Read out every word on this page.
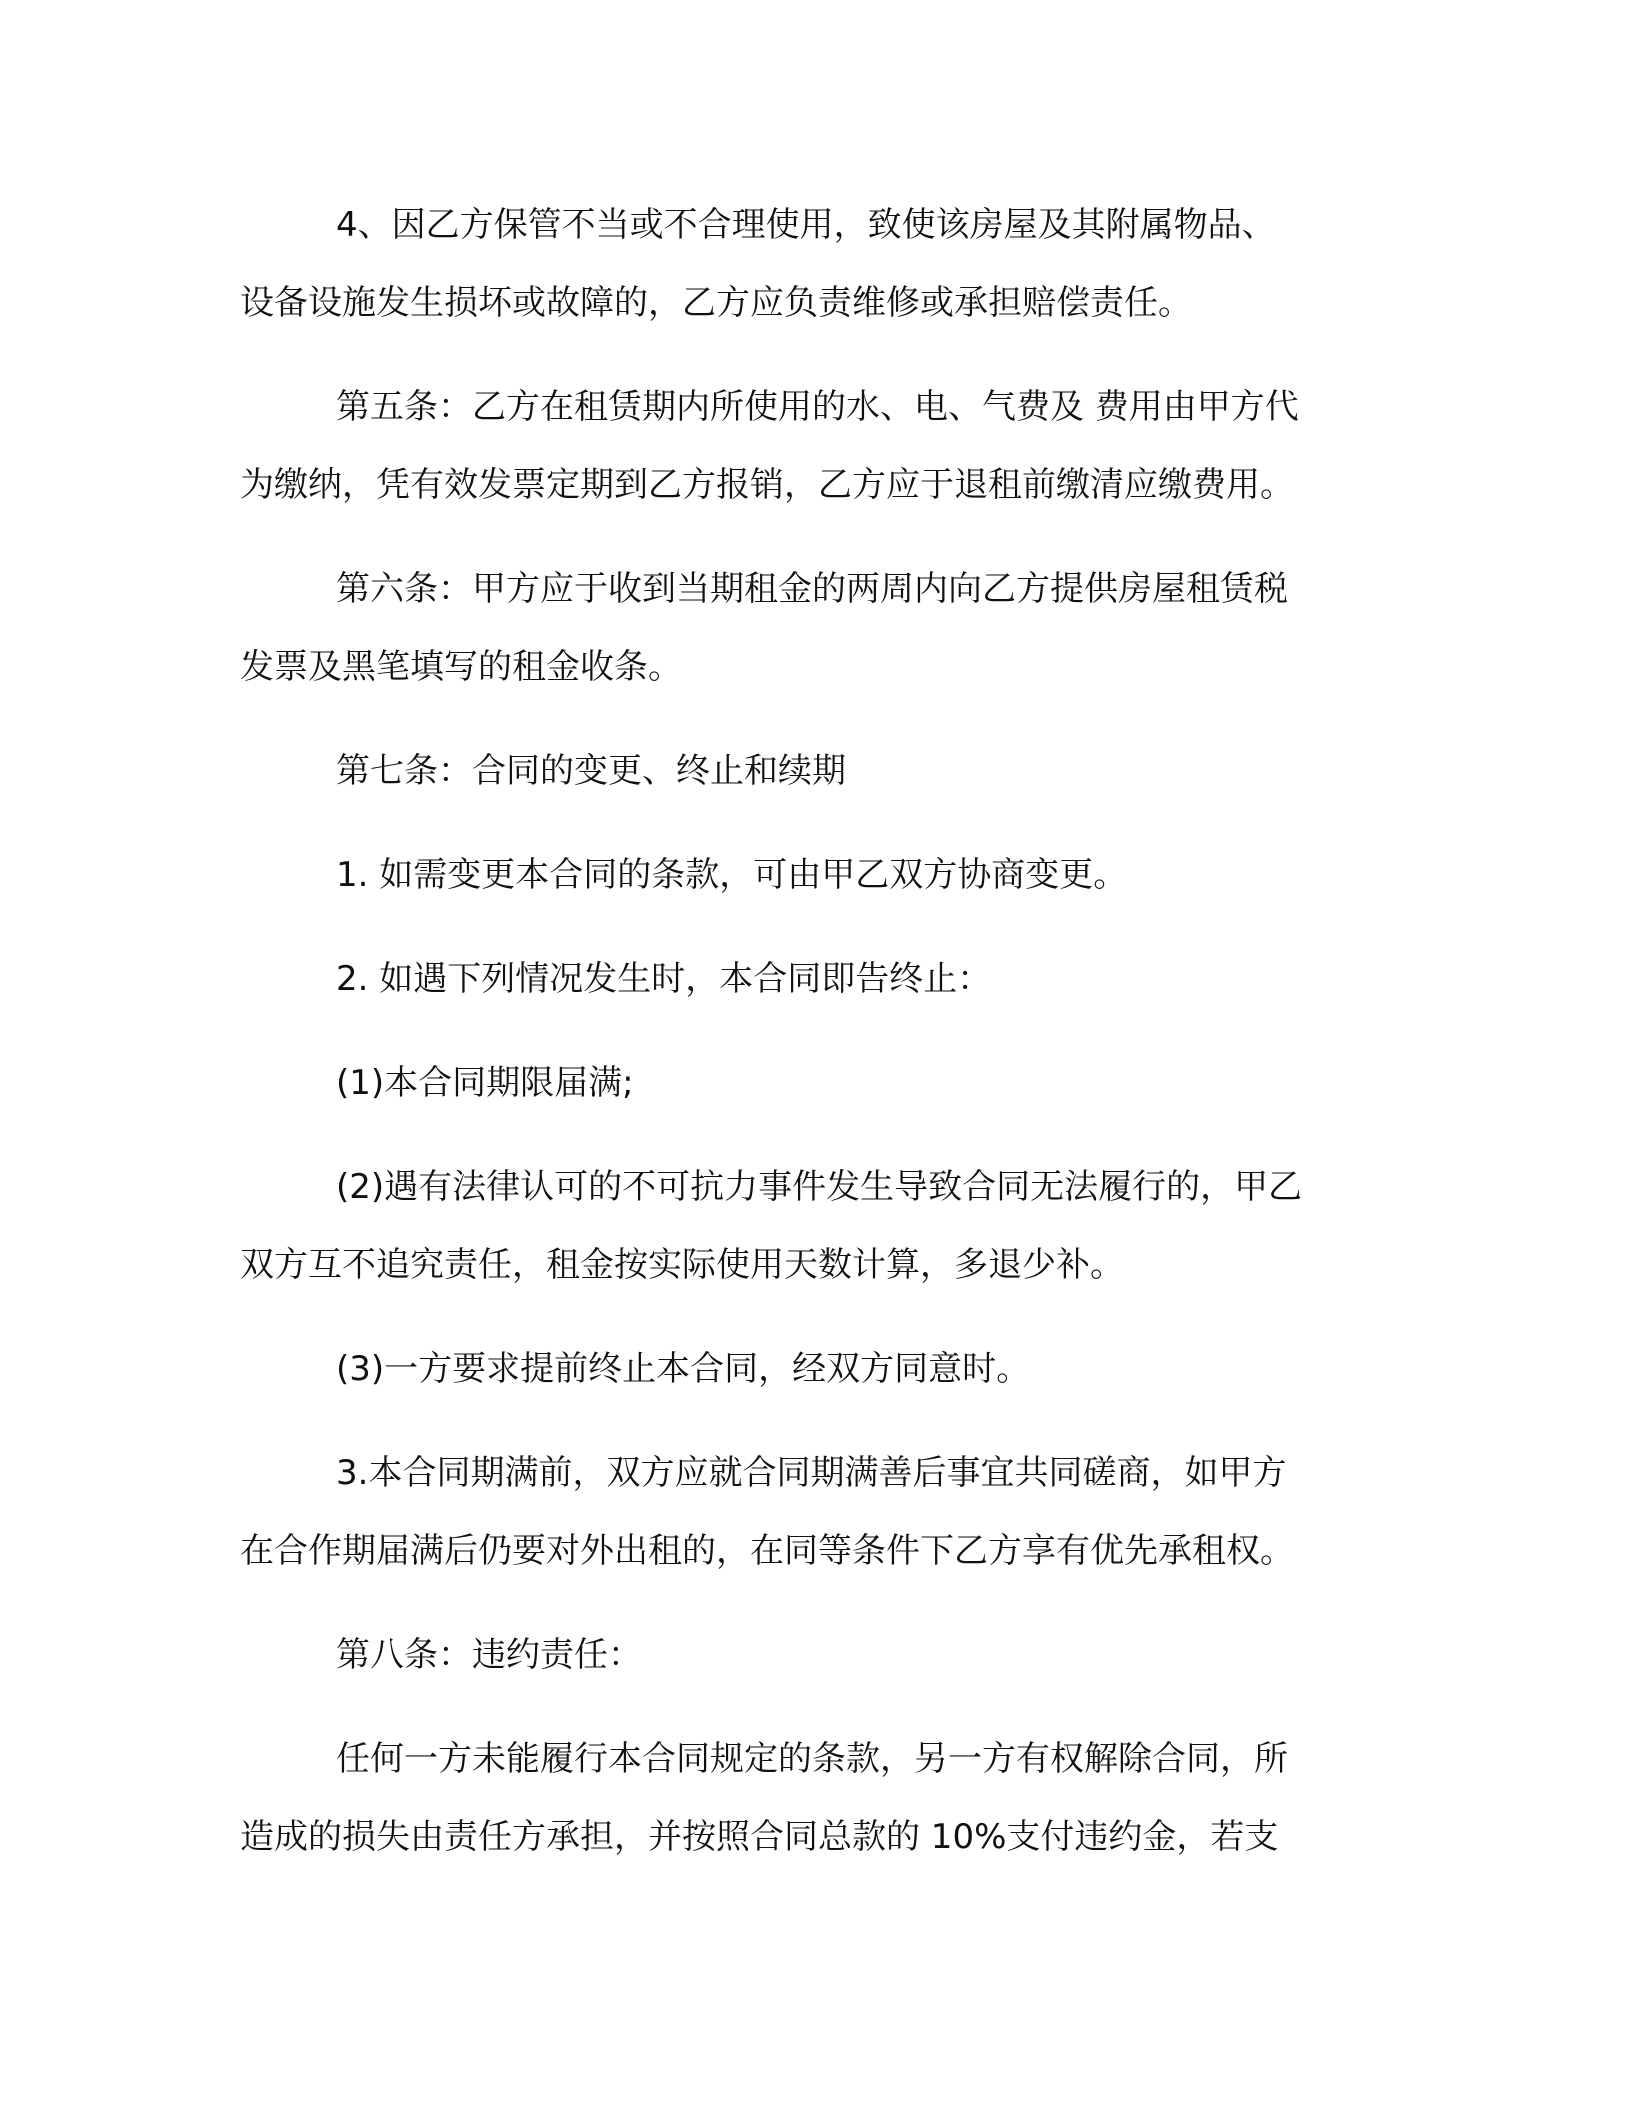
4、因乙方保管不当或不合理使用，致使该房屋及其附属物品、
设备设施发生损坏或故障的，乙方应负责维修或承担赔偿责任。
第五条：乙方在租赁期内所使用的水、电、气费及 费用由甲方代
为缴纳，凭有效发票定期到乙方报销，乙方应于退租前缴清应缴费用。
第六条：甲方应于收到当期租金的两周内向乙方提供房屋租赁税
发票及黑笔填写的租金收条。
第七条：合同的变更、终止和续期
1. 如需变更本合同的条款，可由甲乙双方协商变更。
2. 如遇下列情况发生时，本合同即告终止：
(1)本合同期限届满;
(2)遇有法律认可的不可抗力事件发生导致合同无法履行的，甲乙
双方互不追究责任，租金按实际使用天数计算，多退少补。
(3)一方要求提前终止本合同，经双方同意时。
3.本合同期满前，双方应就合同期满善后事宜共同磋商，如甲方
在合作期届满后仍要对外出租的，在同等条件下乙方享有优先承租权。
第八条：违约责任：
任何一方未能履行本合同规定的条款，另一方有权解除合同，所
造成的损失由责任方承担，并按照合同总款的 10%支付违约金，若支
